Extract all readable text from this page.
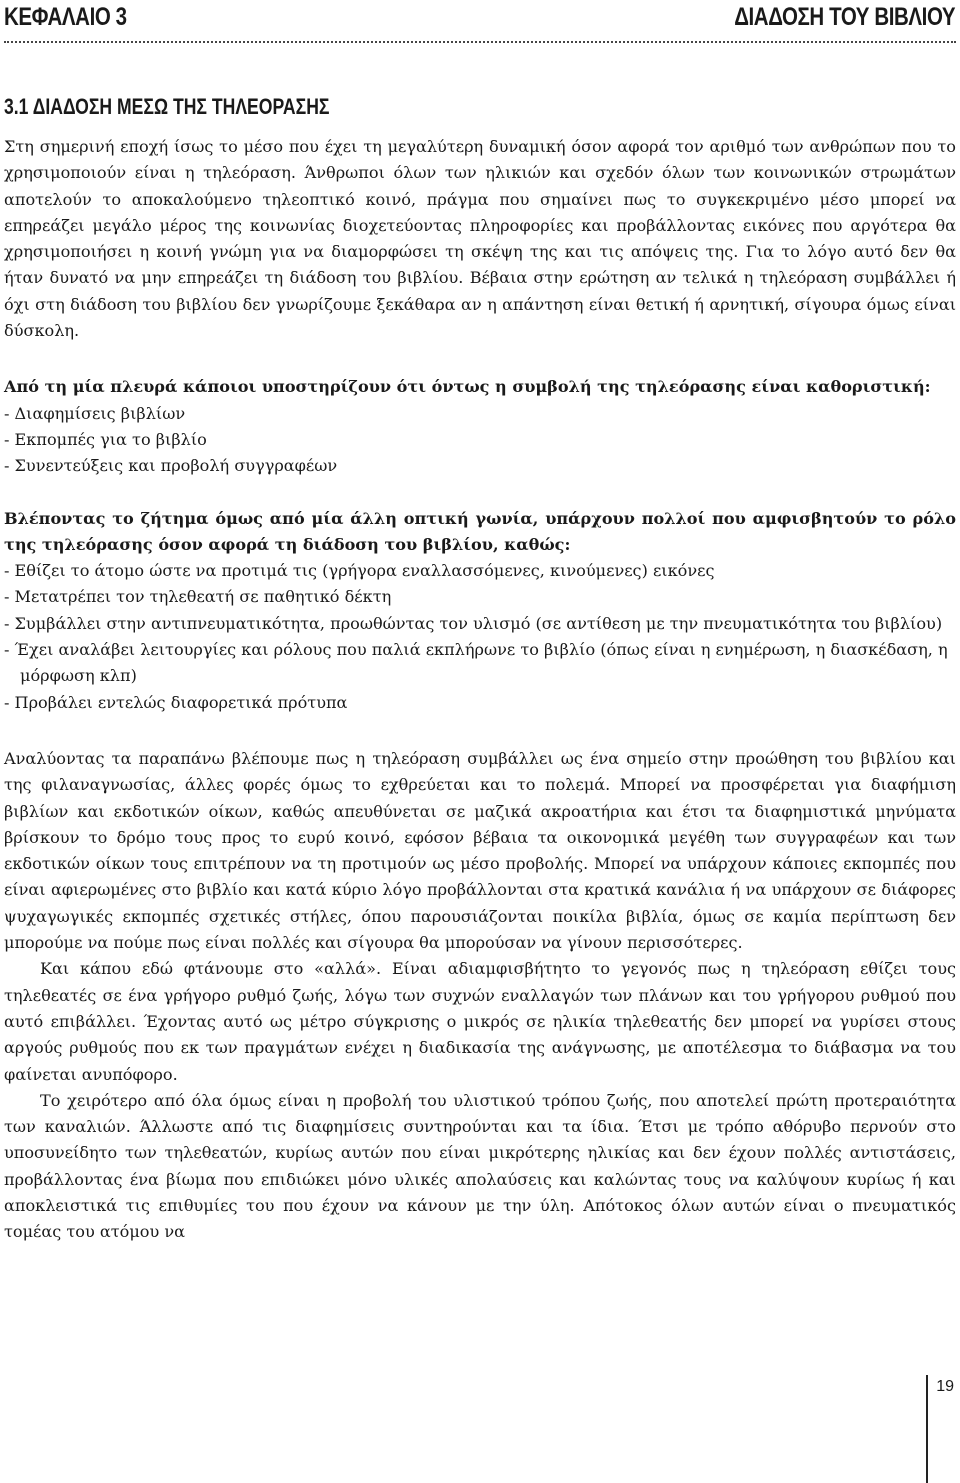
ΚΕΦΑΛΑΙΟ 3	ΔΙΑΔΟΣΗ ΤΟΥ ΒΙΒΛΙΟΥ
3.1 ΔΙΑΔΟΣΗ ΜΕΣΩ ΤΗΣ ΤΗΛΕΟΡΑΣΗΣ

Στη σημερινή εποχή ίσως το μέσο που έχει τη μεγαλύτερη δυναμική όσον αφορά τον αριθμό των ανθρώπων που το χρησιμοποιούν είναι η τηλεόραση. Άνθρωποι όλων των ηλικιών και σχεδόν όλων των κοινωνικών στρωμάτων αποτελούν το αποκαλούμενο τηλεοπτικό κοινό, πράγμα που σημαίνει πως το συγκεκριμένο μέσο μπορεί να επηρεάζει μεγάλο μέρος της κοινωνίας διοχετεύοντας πληροφορίες και προβάλλοντας εικόνες που αργότερα θα χρησιμοποιήσει η κοινή γνώμη για να διαμορφώσει τη σκέψη της και τις απόψεις της. Για το λόγο αυτό δεν θα ήταν δυνατό να μην επηρεάζει τη διάδοση του βιβλίου. Βέβαια στην ερώτηση αν τελικά η τηλεόραση συμβάλλει ή όχι στη διάδοση του βιβλίου δεν γνωρίζουμε ξεκάθαρα αν η απάντηση είναι θετική ή αρνητική, σίγουρα όμως είναι δύσκολη.

Από τη μία πλευρά κάποιοι υποστηρίζουν ότι όντως η συμβολή της τηλεόρασης είναι καθοριστική:

- Διαφημίσεις βιβλίων
- Εκπομπές για το βιβλίο
- Συνεντεύξεις και προβολή συγγραφέων

Βλέποντας το ζήτημα όμως από μία άλλη οπτική γωνία, υπάρχουν πολλοί που αμφισβητούν το ρόλο της τηλεόρασης όσον αφορά τη διάδοση του βιβλίου, καθώς:

- Εθίζει το άτομο ώστε να προτιμά τις (γρήγορα εναλλασσόμενες, κινούμενες) εικόνες
- Μετατρέπει τον τηλεθεατή σε παθητικό δέκτη
- Συμβάλλει στην αντιπνευματικότητα, προωθώντας τον υλισμό (σε αντίθεση με την πνευματικότητα του βιβλίου)
- Έχει αναλάβει λειτουργίες και ρόλους που παλιά εκπλήρωνε το βιβλίο (όπως είναι η ενημέρωση, η διασκέδαση, η μόρφωση κλπ)
- Προβάλει εντελώς διαφορετικά πρότυπα

Αναλύοντας τα παραπάνω βλέπουμε πως η τηλεόραση συμβάλλει ως ένα σημείο στην προώθηση του βιβλίου και της φιλαναγνωσίας, άλλες φορές όμως το εχθρεύεται και το πολεμά. Μπορεί να προσφέρεται για διαφήμιση βιβλίων και εκδοτικών οίκων, καθώς απευθύνεται σε μαζικά ακροατήρια και έτσι τα διαφημιστικά μηνύματα βρίσκουν το δρόμο τους προς το ευρύ κοινό, εφόσον βέβαια τα οικονομικά μεγέθη των συγγραφέων και των εκδοτικών οίκων τους επιτρέπουν να τη προτιμούν ως μέσο προβολής. Μπορεί να υπάρχουν κάποιες εκπομπές που είναι αφιερωμένες στο βιβλίο και κατά κύριο λόγο προβάλλονται στα κρατικά κανάλια ή να υπάρχουν σε διάφορες ψυχαγωγικές εκπομπές σχετικές στήλες, όπου παρουσιάζονται ποικίλα βιβλία, όμως σε καμία περίπτωση δεν μπορούμε να πούμε πως είναι πολλές και σίγουρα θα μπορούσαν να γίνουν περισσότερες.

Και κάπου εδώ φτάνουμε στο «αλλά». Είναι αδιαμφισβήτητο το γεγονός πως η τηλεόραση εθίζει τους τηλεθεατές σε ένα γρήγορο ρυθμό ζωής, λόγω των συχνών εναλλαγών των πλάνων και του γρήγορου ρυθμού που αυτό επιβάλλει. Έχοντας αυτό ως μέτρο σύγκρισης ο μικρός σε ηλικία τηλεθεατής δεν μπορεί να γυρίσει στους αργούς ρυθμούς που εκ των πραγμάτων ενέχει η διαδικασία της ανάγνωσης, με αποτέλεσμα το διάβασμα να του φαίνεται ανυπόφορο.

Το χειρότερο από όλα όμως είναι η προβολή του υλιστικού τρόπου ζωής, που αποτελεί πρώτη προτεραιότητα των καναλιών. Άλλωστε από τις διαφημίσεις συντηρούνται και τα ίδια. Έτσι με τρόπο αθόρυβο περνούν στο υποσυνείδητο των τηλεθεατών, κυρίως αυτών που είναι μικρότερης ηλικίας και δεν έχουν πολλές αντιστάσεις, προβάλλοντας ένα βίωμα που επιδιώκει μόνο υλικές απολαύσεις και καλώντας τους να καλύψουν κυρίως ή και αποκλειστικά τις επιθυμίες του που έχουν να κάνουν με την ύλη. Απότοκος όλων αυτών είναι ο πνευματικός τομέας του ατόμου να

19
